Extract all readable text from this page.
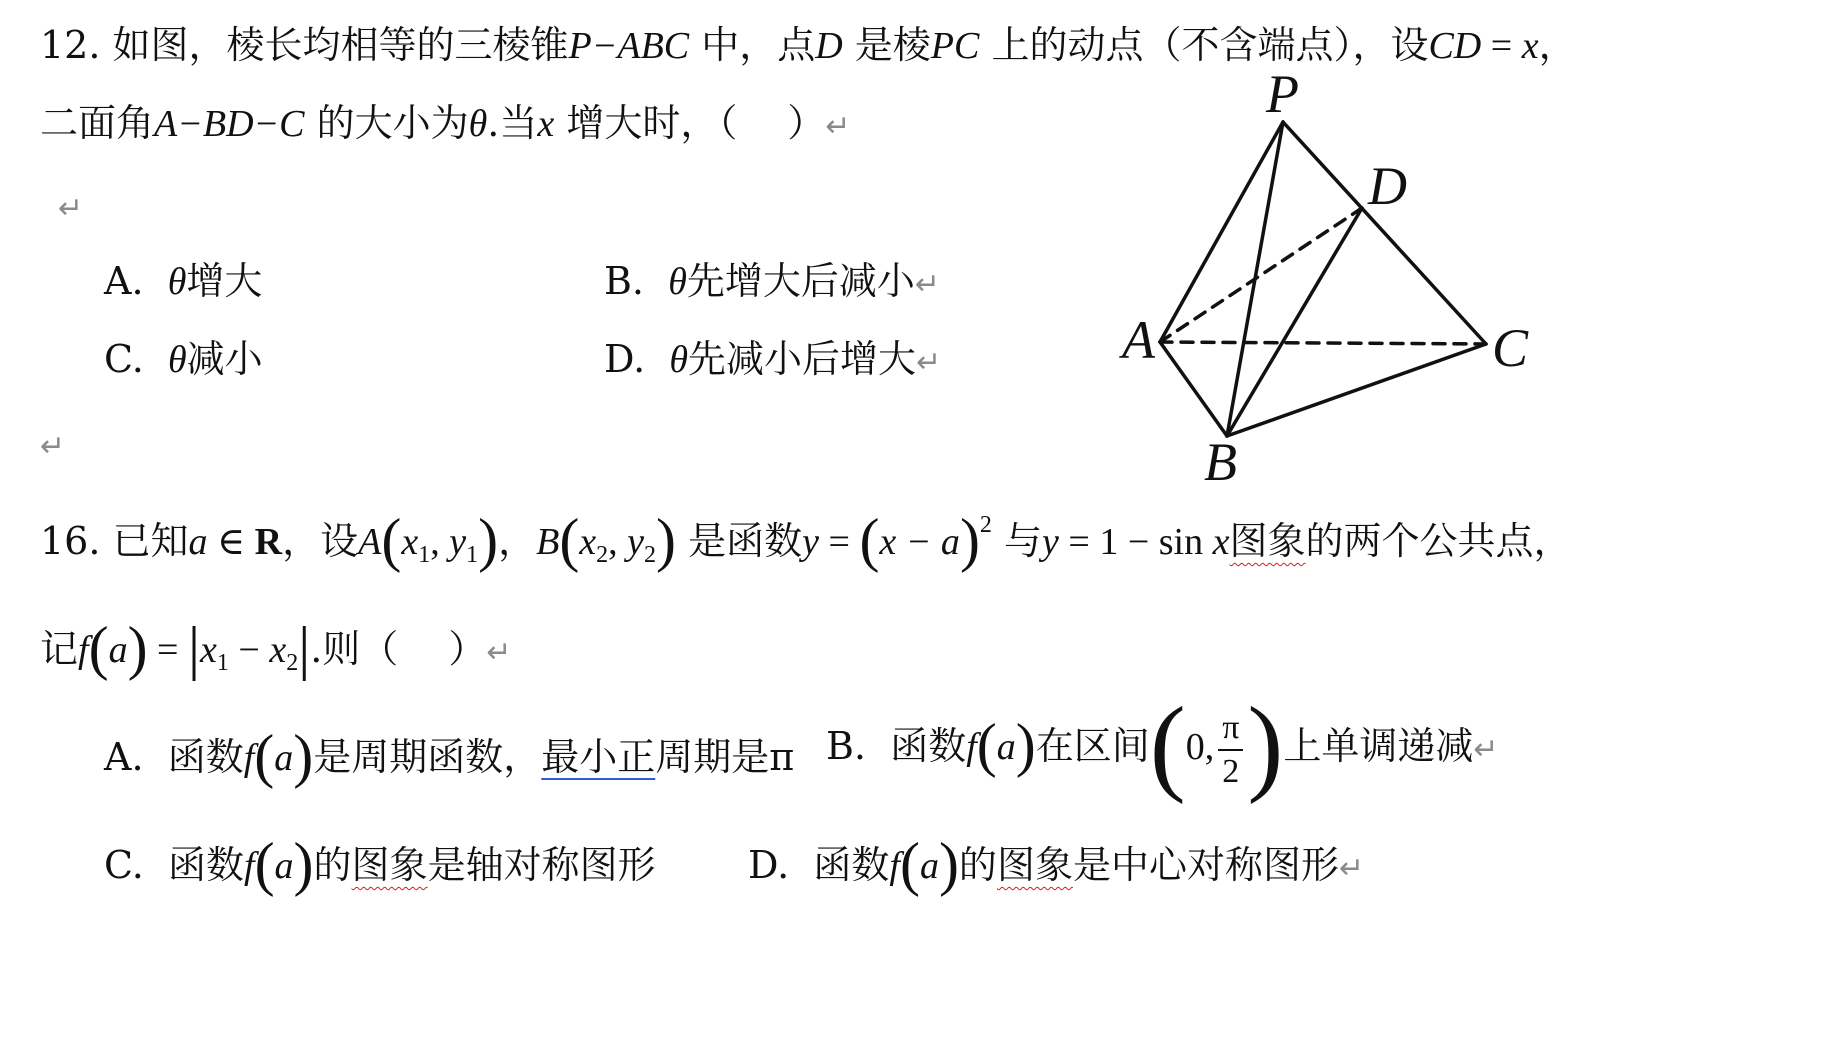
12. 如图，棱长均相等的三棱锥P−ABC 中，点D 是棱PC 上的动点（不含端点），设CD = x，
二面角A−BD−C 的大小为θ.当x 增大时，（　 ）↵
↵
A. θ增大	B. θ先增大后减小↵
C. θ减小	D. θ先减小后增大↵
↵
P
D
A	C
B
16. 已知a ∈ R，设$A(x_1$, $y_1$)，$B(x_2$, $y_2$) 是函数$y = (x - a)^2$ 与y = 1 − sin x图象的两个公共点，
记$f(a) = |x_1 - x_2|$.则（　 ）↵
A. 函数f(a)是周期函数，最小正周期是π B. 函数f(a)在区间(0, $\frac{\pi}{2}$ )上单调递减↵
C. 函数f(a)的图象是轴对称图形 D. 函数f(a)的图象是中心对称图形↵
